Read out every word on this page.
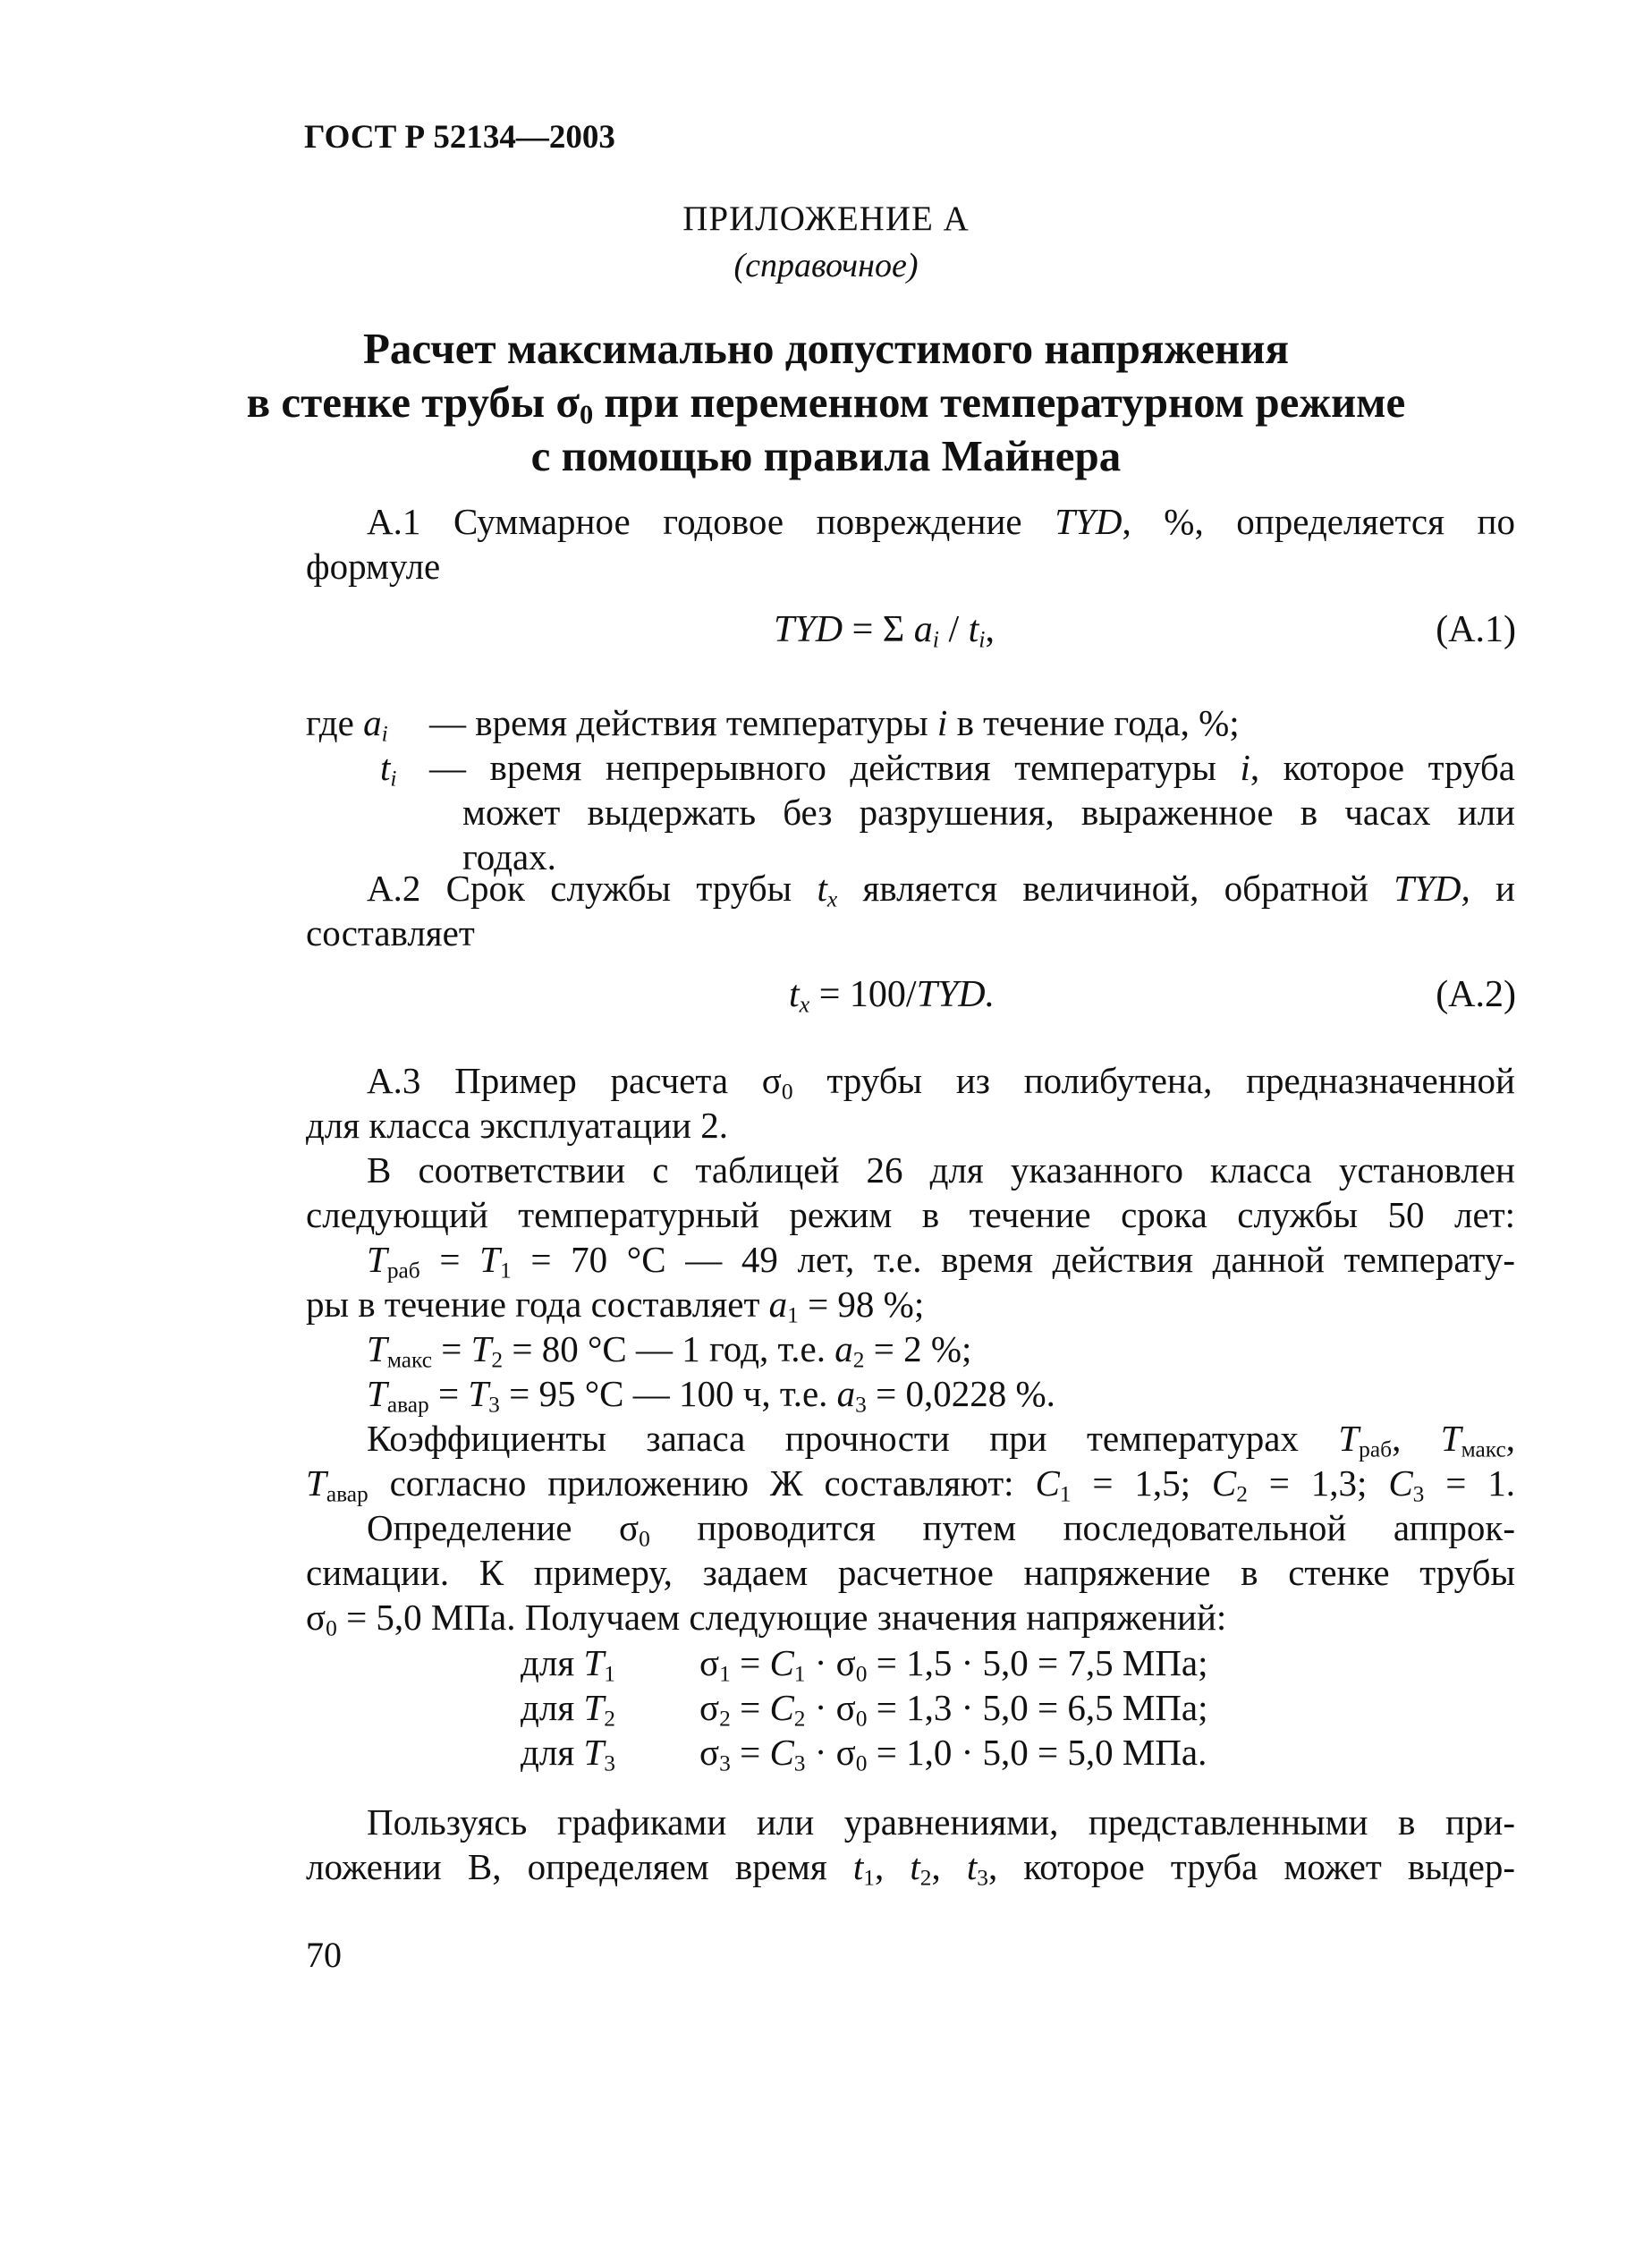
ГОСТ Р 52134—2003
ПРИЛОЖЕНИЕ А
(справочное)
Расчет максимально допустимого напряжения
в стенке трубы $\sigma_0$ при переменном температурном режиме
с помощью правила Майнера
А.1 Суммарное годовое повреждение TYD, %, определяется по
формуле
TYD = Σ $a_i / t_i$,	(А.1)
где $a_i$ — время действия температуры i в течение года, %;
$t_i$ — время непрерывного действия температуры i, которое труба
может выдержать без разрушения, выраженное в часах или
годах.
А.2 Срок службы трубы $t_x$ является величиной, обратной TYD, и
составляет
$t_x = 100/TYD$.	(А.2)
А.3 Пример расчета $\sigma_0$ трубы из полибутена, предназначенной
для класса эксплуатации 2.
В соответствии с таблицей 26 для указанного класса установлен
следующий температурный режим в течение срока службы 50 лет:
$T_{раб} = T_1 = 70$ °C — 49 лет, т.е. время действия данной температу-
ры в течение года составляет $a_1 = 98$ %;
$T_{макс} = T_2 = 80$ °C — 1 год, т.е. $a_2 = 2$ %;
$T_{авар} = T_3 = 95$ °C — 100 ч, т.е. $a_3 = 0,0228$ %.
Коэффициенты запаса прочности при температурах $T_{раб}$, $T_{макс}$,
$T_{авар}$ согласно приложению Ж составляют: $C_1 = 1,5$; $C_2 = 1,3$; $C_3 = 1$.
Определение $\sigma_0$ проводится путем последовательной аппрок-
симации. К примеру, задаем расчетное напряжение в стенке трубы
$\sigma_0 = 5,0$ МПа. Получаем следующие значения напряжений:
для $T_1$ $\sigma_1 = C_1 \cdot \sigma_0 = 1,5 \cdot 5,0 = 7,5$ МПа;
для $T_2$ $\sigma_2 = C_2 \cdot \sigma_0 = 1,3 \cdot 5,0 = 6,5$ МПа;
для $T_3$ $\sigma_3 = C_3 \cdot \sigma_0 = 1,0 \cdot 5,0 = 5,0$ МПа.
Пользуясь графиками или уравнениями, представленными в при-
ложении В, определяем время $t_1$, $t_2$, $t_3$, которое труба может выдер-
70
